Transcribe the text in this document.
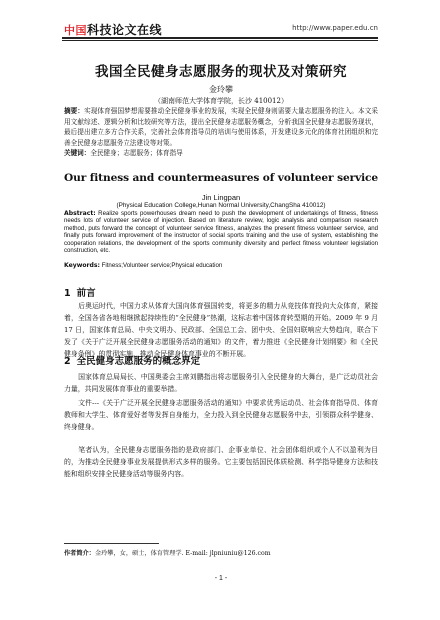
中国科技论文在线	http://www.paper.edu.cn
我国全民健身志愿服务的现状及对策研究
金玲攀
（湖南师范大学体育学院，长沙 410012）
摘要：实现体育强国梦想需要推动全民健身事业的发展，实现全民健身则需要大量志愿服务的注入。本文采用文献综述、逻辑分析和比较研究等方法，提出全民健身志愿服务概念，分析我国全民健身志愿服务现状，最后提出建立多方合作关系，完善社会体育指导员的培训与使用体系，开发建设多元化的体育社团组织和完善全民健身志愿服务立法建设等对策。
关键词：全民健身；志愿服务；体育指导
Our fitness and countermeasures of volunteer service
Jin Lingpan
(Physical Education College,Hunan Normal University,ChangSha 410012)
Abstract: Realize sports powerhouses dream need to push the development of undertakings of fitness, fitness needs lots of volunteer service of injection. Based on literature review, logic analysis and comparison research method, puts forward the concept of volunteer service fitness, analyzes the present fitness volunteer service, and finally puts forward improvement of the instructor of social sports training and the use of system, establishing the cooperation relations, the development of the sports community diversity and perfect fitness volunteer legislation construction, etc.
Keywords: Fitness;Volunteer service;Physical education
1 前言
后奥运时代，中国力求从体育大国向体育强国转变，将更多的精力从竞技体育投向大众体育，紧接着，全国各省各地相继掀起持续性的“全民健身”热潮，这标志着中国体育转型期的开始。2009 年 9 月 17 日，国家体育总局、中央文明办、民政部、全国总工会、团中央、全国妇联响应大势趋向，联合下发了《关于广泛开展全民健身志愿服务活动的通知》的文件，着力推进《全民健身计划纲要》和《全民健身条例》的贯彻实施，推动全民健身体育事业的不断开展。
2 全民健身志愿服务的概念界定
国家体育总局局长、中国奥委会主席刘鹏指出将志愿服务引入全民健身的大舞台，是广泛动员社会力量，共同发展体育事业的重要举措。
文件---《关于广泛开展全民健身志愿服务活动的通知》中要求优秀运动员、社会体育指导员、体育教师和大学生、体育爱好者等发挥自身能力，全力投入到全民健身志愿服务中去，引领群众科学健身、终身健身。
笔者认为，全民健身志愿服务指的是政府部门、企事业单位、社会团体组织或个人不以盈利为目的，为推动全民健身事业发展提供形式多样的服务。它主要包括国民体质检测、科学指导健身方法和技能和组织安排全民健身活动等服务内容。
作者简介：金玲攀，女，硕士，体育管理学. E-mail: jlpniuniu@126.com
- 1 -
